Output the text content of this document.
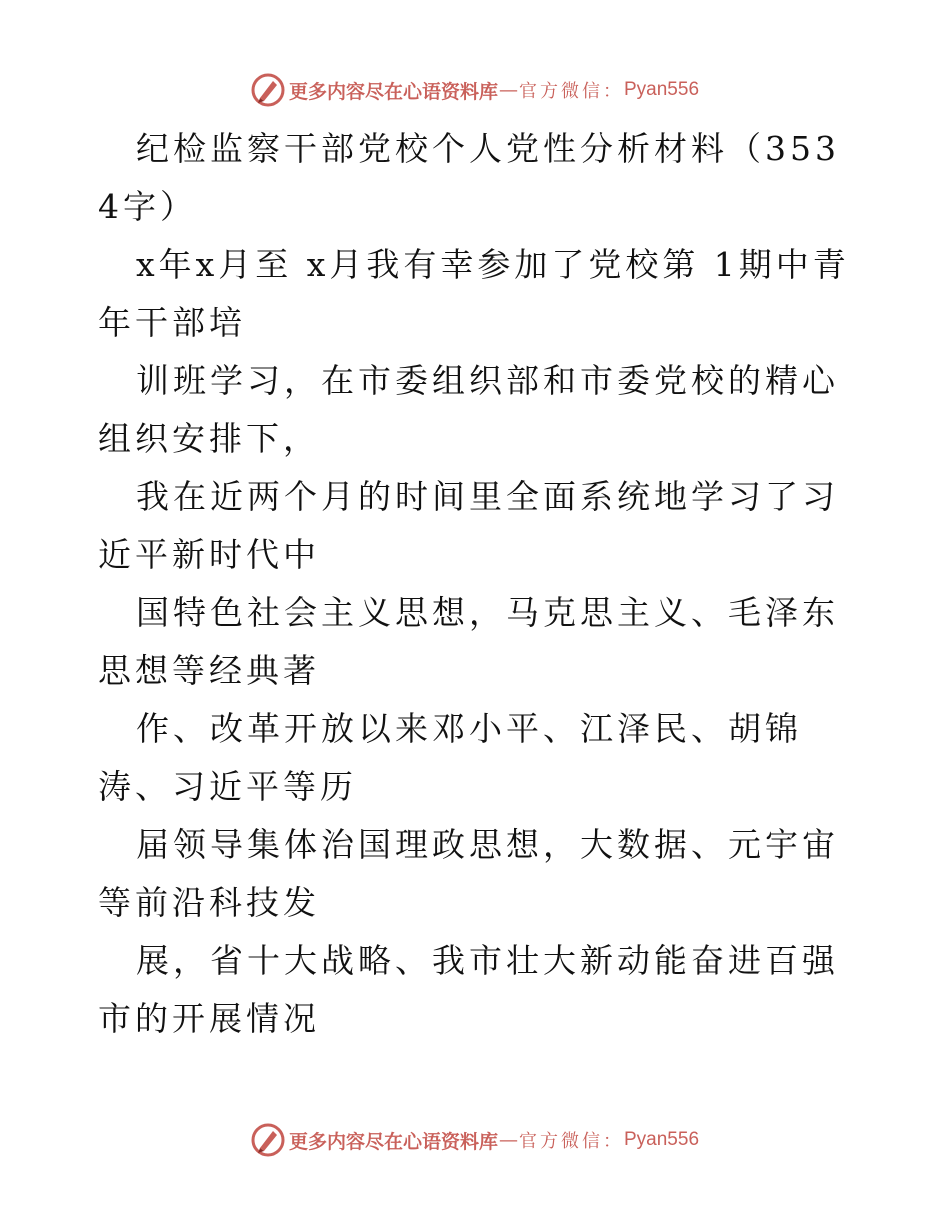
更多内容尽在心语资料库 — 官方微信： Pyan556

纪检监察干部党校个人党性分析材料（3534字）

x年x月至 x月我有幸参加了党校第 1期中青年干部培

训班学习，在市委组织部和市委党校的精心组织安排下，

我在近两个月的时间里全面系统地学习了习近平新时代中

国特色社会主义思想，马克思主义、毛泽东思想等经典著

作、改革开放以来邓小平、江泽民、胡锦涛、习近平等历

届领导集体治国理政思想，大数据、元宇宙等前沿科技发

展，省十大战略、我市壮大新动能奋进百强市的开展情况

更多内容尽在心语资料库 — 官方微信： Pyan556
